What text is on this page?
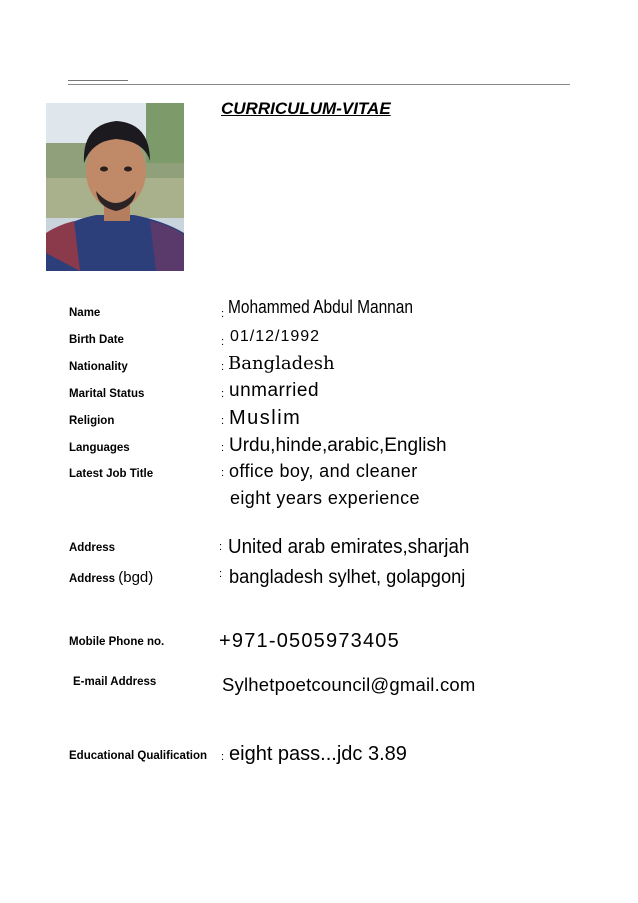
CURRICULUM-VITAE
Name	: Mohammed Abdul Mannan
Birth Date	: 01/12/1992
Nationality	: Bangladesh
Marital Status	: unmarried
Religion	: Muslim
Languages	: Urdu,hinde,arabic,English
Latest Job Title	: office boy, and cleaner
eight years experience
Address	: United arab emirates,sharjah
Address (bgd)	: bangladesh sylhet, golapgonj
Mobile Phone no.	+971-0505973405
E-mail Address	Sylhetpoetcouncil@gmail.com
Educational Qualification : eight pass...jdc 3.89
